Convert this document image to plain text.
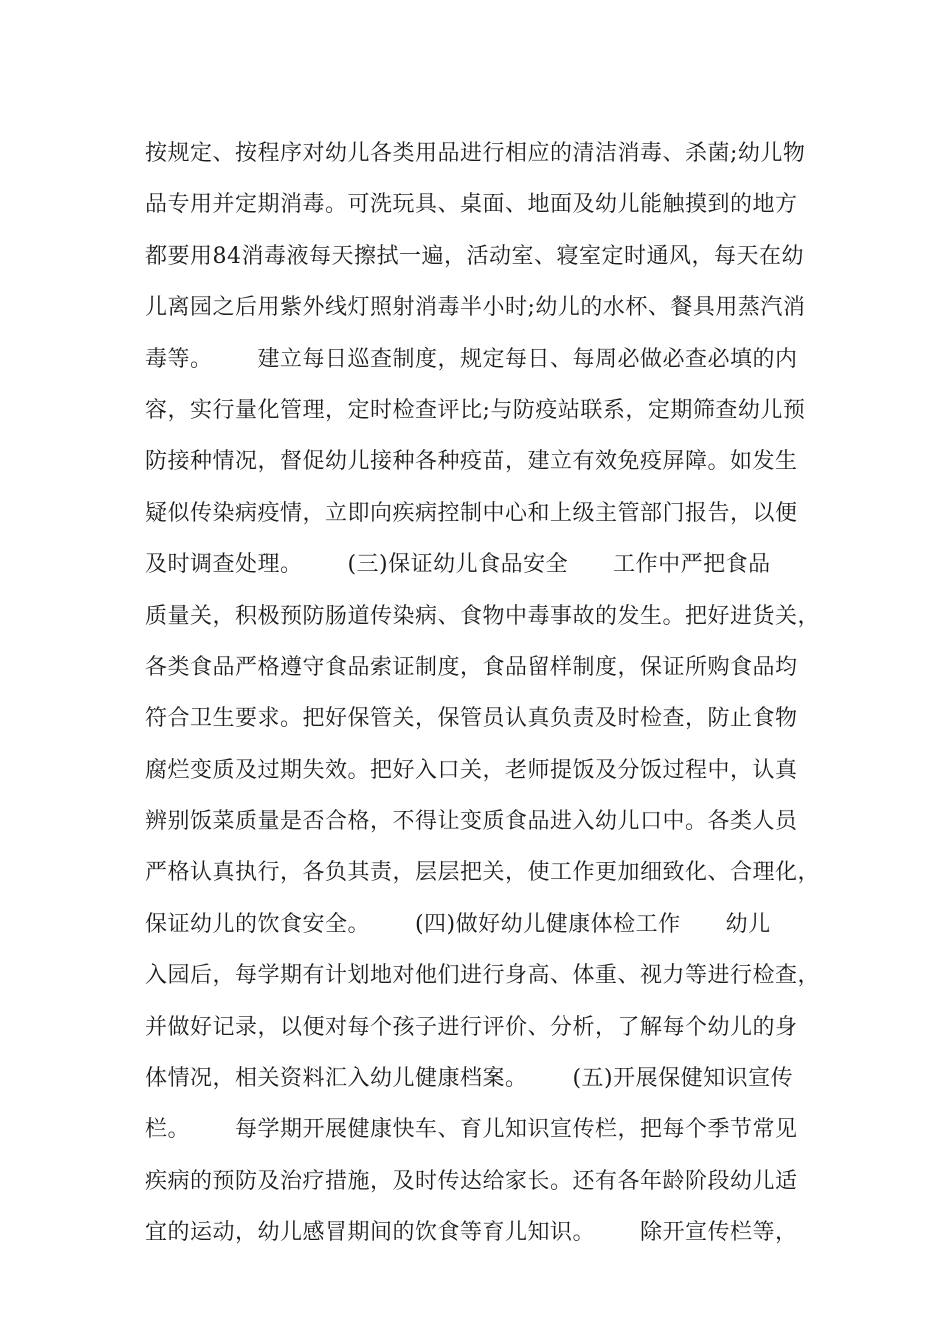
按规定、按程序对幼儿各类用品进行相应的清洁消毒、杀菌;幼儿物
品专用并定期消毒。可洗玩具、桌面、地面及幼儿能触摸到的地方
都要用84消毒液每天擦拭一遍，活动室、寝室定时通风，每天在幼
儿离园之后用紫外线灯照射消毒半小时;幼儿的水杯、餐具用蒸汽消
毒等。      建立每日巡查制度，规定每日、每周必做必查必填的内
容，实行量化管理，定时检查评比;与防疫站联系，定期筛查幼儿预
防接种情况，督促幼儿接种各种疫苗，建立有效免疫屏障。如发生
疑似传染病疫情，立即向疾病控制中心和上级主管部门报告，以便
及时调查处理。      (三)保证幼儿食品安全      工作中严把食品
质量关，积极预防肠道传染病、食物中毒事故的发生。把好进货关，
各类食品严格遵守食品索证制度，食品留样制度，保证所购食品均
符合卫生要求。把好保管关，保管员认真负责及时检查，防止食物
腐烂变质及过期失效。把好入口关，老师提饭及分饭过程中，认真
辨别饭菜质量是否合格，不得让变质食品进入幼儿口中。各类人员
严格认真执行，各负其责，层层把关，使工作更加细致化、合理化，
保证幼儿的饮食安全。      (四)做好幼儿健康体检工作      幼儿
入园后，每学期有计划地对他们进行身高、体重、视力等进行检查，
并做好记录，以便对每个孩子进行评价、分析，了解每个幼儿的身
体情况，相关资料汇入幼儿健康档案。      (五)开展保健知识宣传
栏。      每学期开展健康快车、育儿知识宣传栏，把每个季节常见
疾病的预防及治疗措施，及时传达给家长。还有各年龄阶段幼儿适
宜的运动，幼儿感冒期间的饮食等育儿知识。      除开宣传栏等，
